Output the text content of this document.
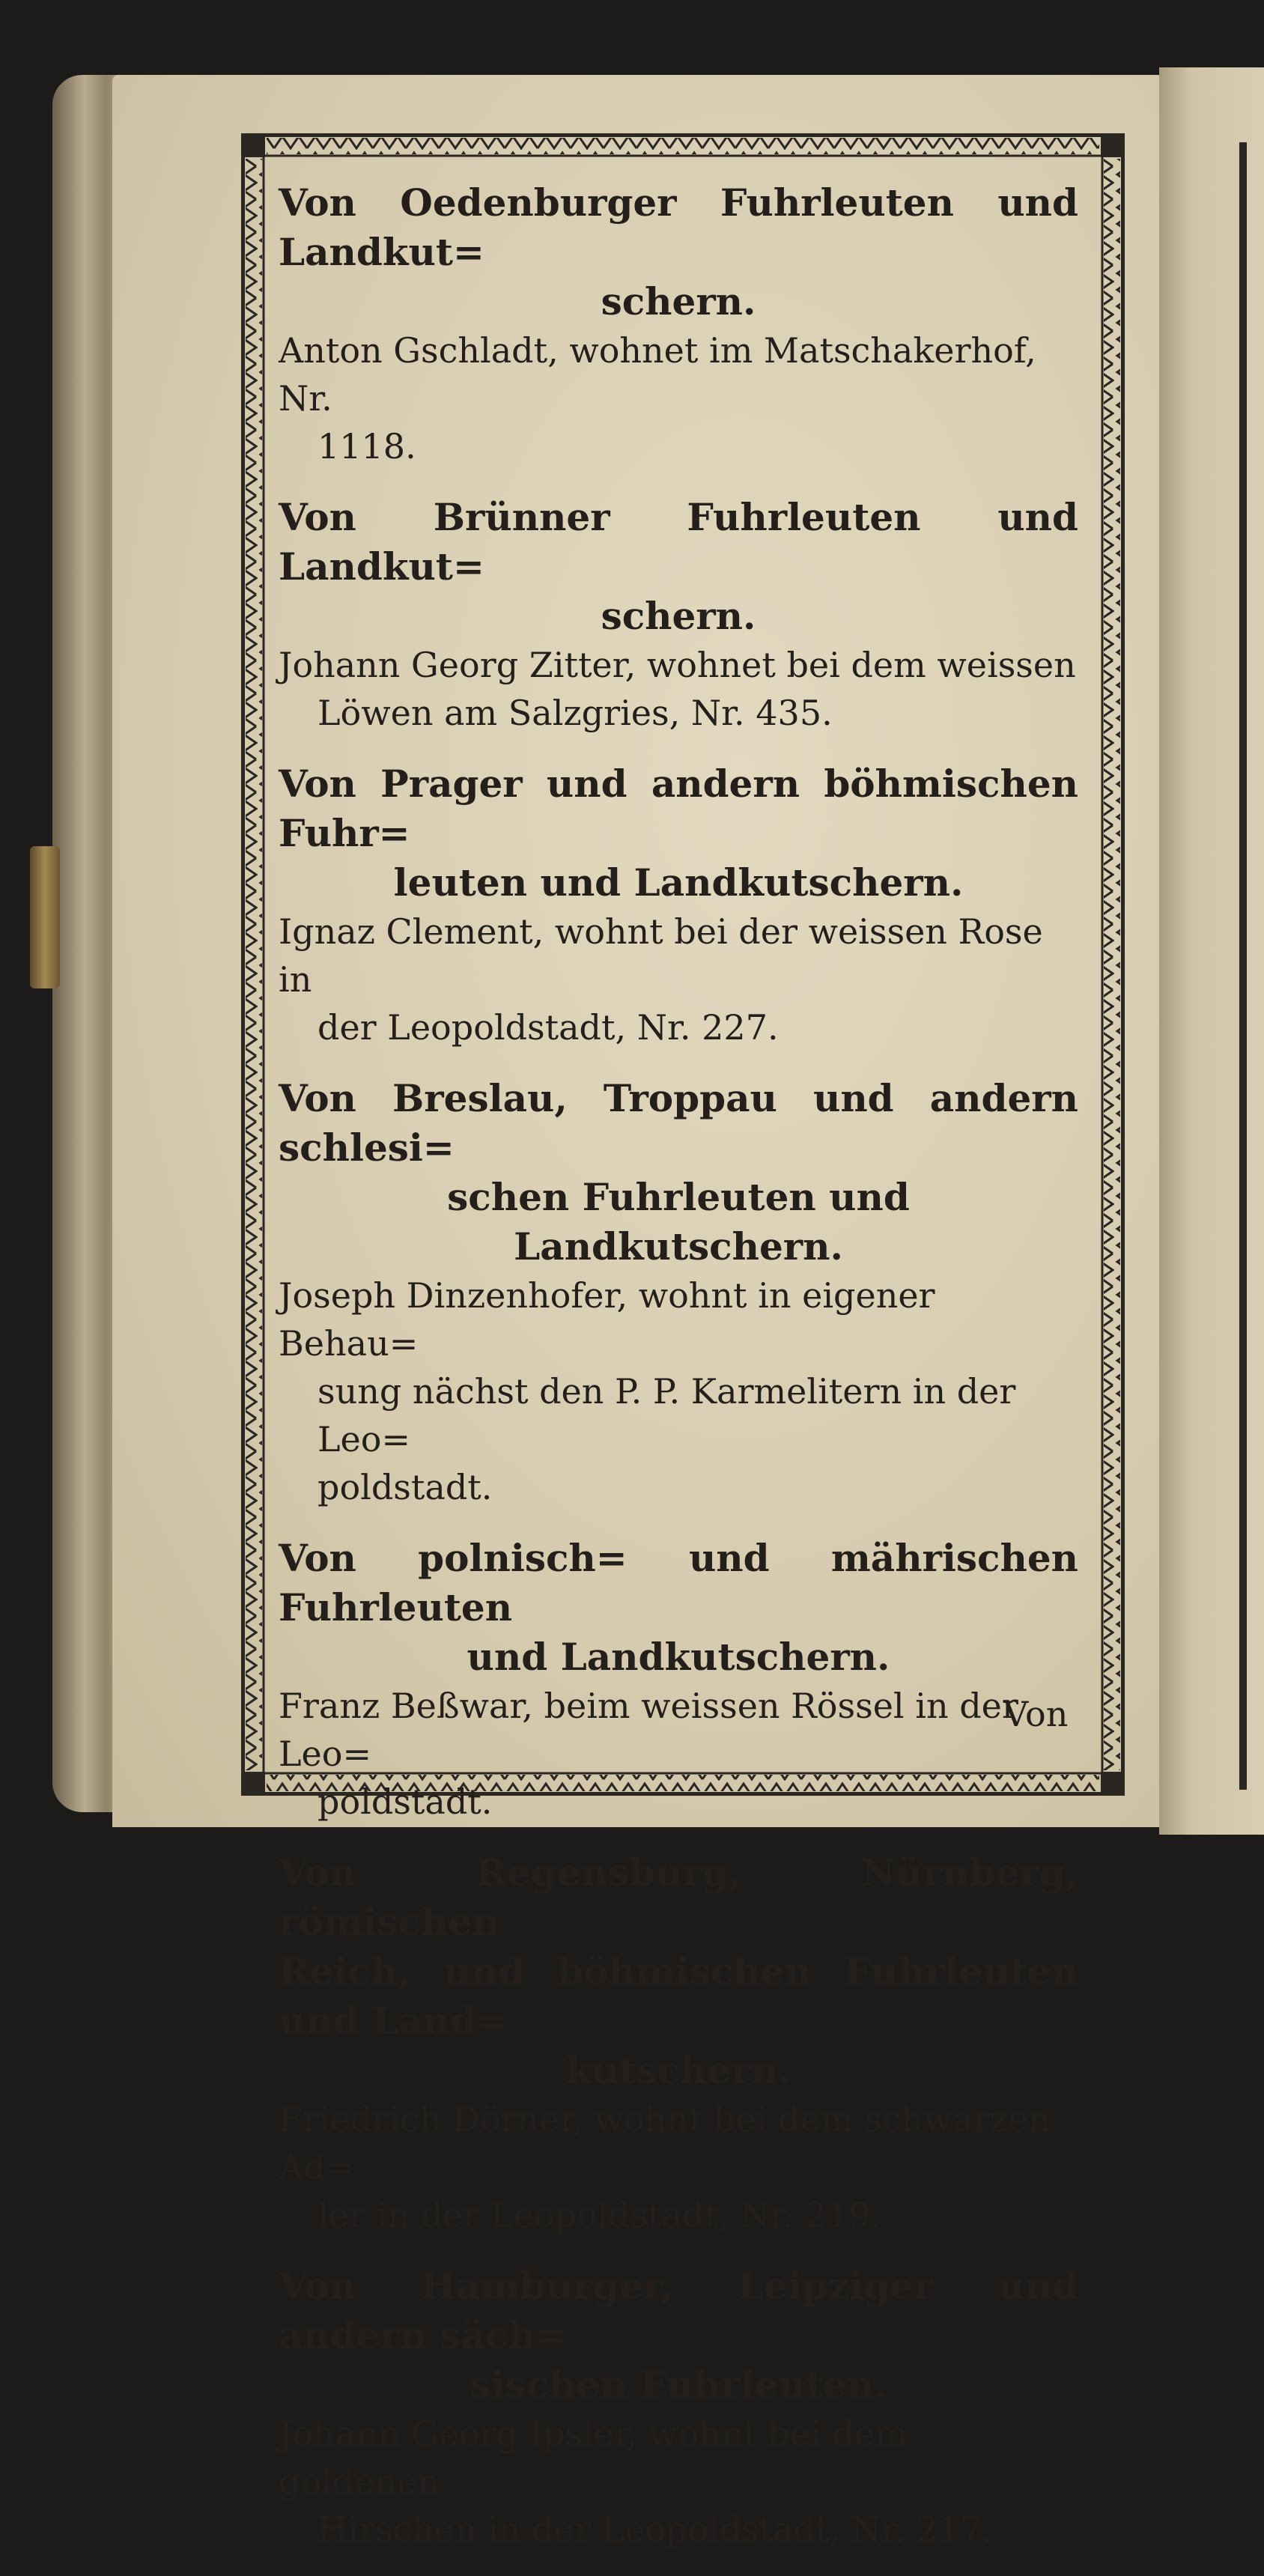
Von Oedenburger Fuhrleuten und Landkut=
schern.

Anton Gschladt, wohnet im Matschakerhof, Nr.
1118.

Von Brünner Fuhrleuten und Landkut=
schern.

Johann Georg Zitter, wohnet bei dem weissen
Löwen am Salzgries, Nr. 435.

Von Prager und andern böhmischen Fuhr=
leuten und Landkutschern.

Ignaz Clement, wohnt bei der weissen Rose in
der Leopoldstadt, Nr. 227.

Von Breslau, Troppau und andern schlesi=
schen Fuhrleuten und Landkutschern.

Joseph Dinzenhofer, wohnt in eigener Behau=
sung nächst den P. P. Karmelitern in der Leo=
poldstadt.

Von polnisch= und mährischen Fuhrleuten
und Landkutschern.

Franz Beßwar, beim weissen Rössel in der Leo=
poldstadt.

Von Regensburg, Nürnberg, römischen
Reich, und böhmischen Fuhrleuten und Land=
kutschern.

Friedrich Dörner, wohnt bei dem schwarzen Ad=
ler in der Leopoldstadt, Nr. 219.

Von Hamburger, Leipziger und andern säch=
sischen Fuhrleuten.

Johann Georg Ipsler, wohnt bei dem goldenen
Hirschen in der Leopoldstadt, Nr. 217.

Von
